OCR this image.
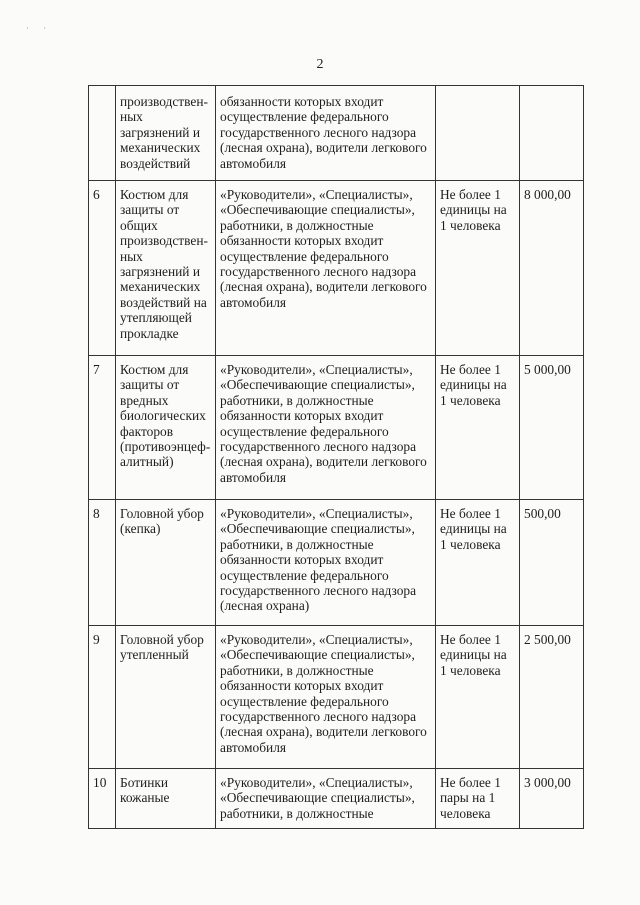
˙ ˙
2
	производственных загрязнений и механических воздействий	обязанности которых входит осуществление федерального государственного лесного надзора (лесная охрана), водители легкового автомобиля		
6	Костюм для защиты от общих производственных загрязнений и механических воздействий на утепляющей прокладке	«Руководители», «Специалисты», «Обеспечивающие специалисты», работники, в должностные обязанности которых входит осуществление федерального государственного лесного надзора (лесная охрана), водители легкового автомобиля	Не более 1 единицы на 1 человека	8 000,00
7	Костюм для защиты от вредных биологических факторов (противоэнцефалитный)	«Руководители», «Специалисты», «Обеспечивающие специалисты», работники, в должностные обязанности которых входит осуществление федерального государственного лесного надзора (лесная охрана), водители легкового автомобиля	Не более 1 единицы на 1 человека	5 000,00
8	Головной убор (кепка)	«Руководители», «Специалисты», «Обеспечивающие специалисты», работники, в должностные обязанности которых входит осуществление федерального государственного лесного надзора (лесная охрана)	Не более 1 единицы на 1 человека	500,00
9	Головной убор утепленный	«Руководители», «Специалисты», «Обеспечивающие специалисты», работники, в должностные обязанности которых входит осуществление федерального государственного лесного надзора (лесная охрана), водители легкового автомобиля	Не более 1 единицы на 1 человека	2 500,00
10	Ботинки кожаные	«Руководители», «Специалисты», «Обеспечивающие специалисты», работники, в должностные	Не более 1 пары на 1 человека	3 000,00
